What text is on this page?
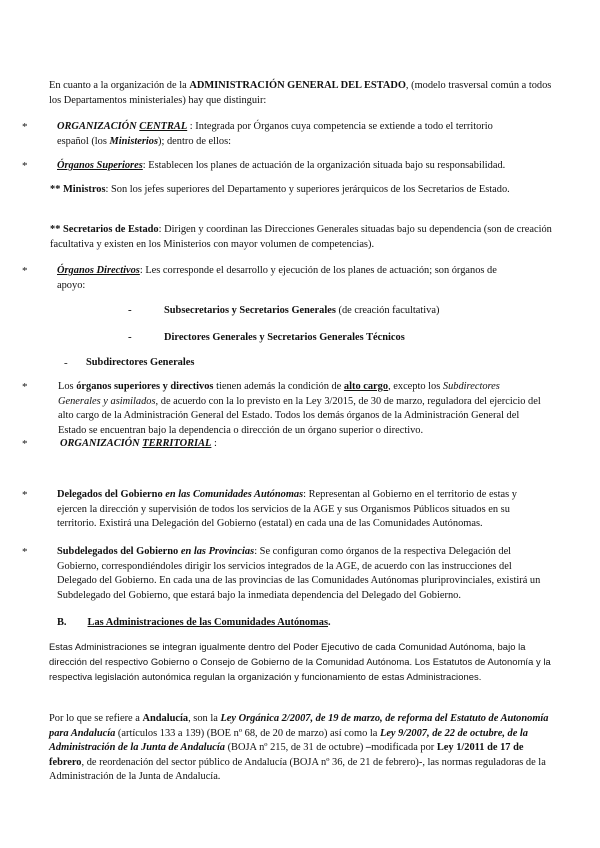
En cuanto a la organización de la ADMINISTRACIÓN GENERAL DEL ESTADO, (modelo trasversal común a todos los Departamentos ministeriales) hay que distinguir:

*	ORGANIZACIÓN CENTRAL : Integrada por Órganos cuya competencia se extiende a todo el territorio español (los Ministerios); dentro de ellos:

*	Órganos Superiores: Establecen los planes de actuación de la organización situada bajo su responsabilidad.

** Ministros: Son los jefes superiores del Departamento y superiores jerárquicos de los Secretarios de Estado.

** Secretarios de Estado: Dirigen y coordinan las Direcciones Generales situadas bajo su dependencia (son de creación facultativa y existen en los Ministerios con mayor volumen de competencias).

*	Órganos Directivos: Les corresponde el desarrollo y ejecución de los planes de actuación; son órganos de apoyo:

-	Subsecretarios y Secretarios Generales (de creación facultativa)

-	Directores Generales y Secretarios Generales Técnicos

- Subdirectores Generales

*	Los órganos superiores y directivos tienen además la condición de alto cargo, excepto los Subdirectores Generales y asimilados, de acuerdo con la lo previsto en la Ley 3/2015, de 30 de marzo, reguladora del ejercicio del alto cargo de la Administración General del Estado. Todos los demás órganos de la Administración General del Estado se encuentran bajo la dependencia o dirección de un órgano superior o directivo.

*	ORGANIZACIÓN TERRITORIAL :

*	Delegados del Gobierno en las Comunidades Autónomas: Representan al Gobierno en el territorio de estas y ejercen la dirección y supervisión de todos los servicios de la AGE y sus Organismos Públicos situados en su territorio. Existirá una Delegación del Gobierno (estatal) en cada una de las Comunidades Autónomas.

*	Subdelegados del Gobierno en las Provincias: Se configuran como órganos de la respectiva Delegación del Gobierno, correspondiéndoles dirigir los servicios integrados de la AGE, de acuerdo con las instrucciones del Delegado del Gobierno. En cada una de las provincias de las Comunidades Autónomas pluriprovinciales, existirá un Subdelegado del Gobierno, que estará bajo la inmediata dependencia del Delegado del Gobierno.

B. Las Administraciones de las Comunidades Autónomas.

Estas Administraciones se integran igualmente dentro del Poder Ejecutivo de cada Comunidad Autónoma, bajo la dirección del respectivo Gobierno o Consejo de Gobierno de la Comunidad Autónoma. Los Estatutos de Autonomía y la respectiva legislación autonómica regulan la organización y funcionamiento de estas Administraciones.

Por lo que se refiere a Andalucía, son la Ley Orgánica 2/2007, de 19 de marzo, de reforma del Estatuto de Autonomía para Andalucía (artículos 133 a 139) (BOE nº 68, de 20 de marzo) así como la Ley 9/2007, de 22 de octubre, de la Administración de la Junta de Andalucía (BOJA nº 215, de 31 de octubre) –modificada por Ley 1/2011 de 17 de febrero, de reordenación del sector público de Andalucía (BOJA nº 36, de 21 de febrero)-, las normas reguladoras de la Administración de la Junta de Andalucía.
